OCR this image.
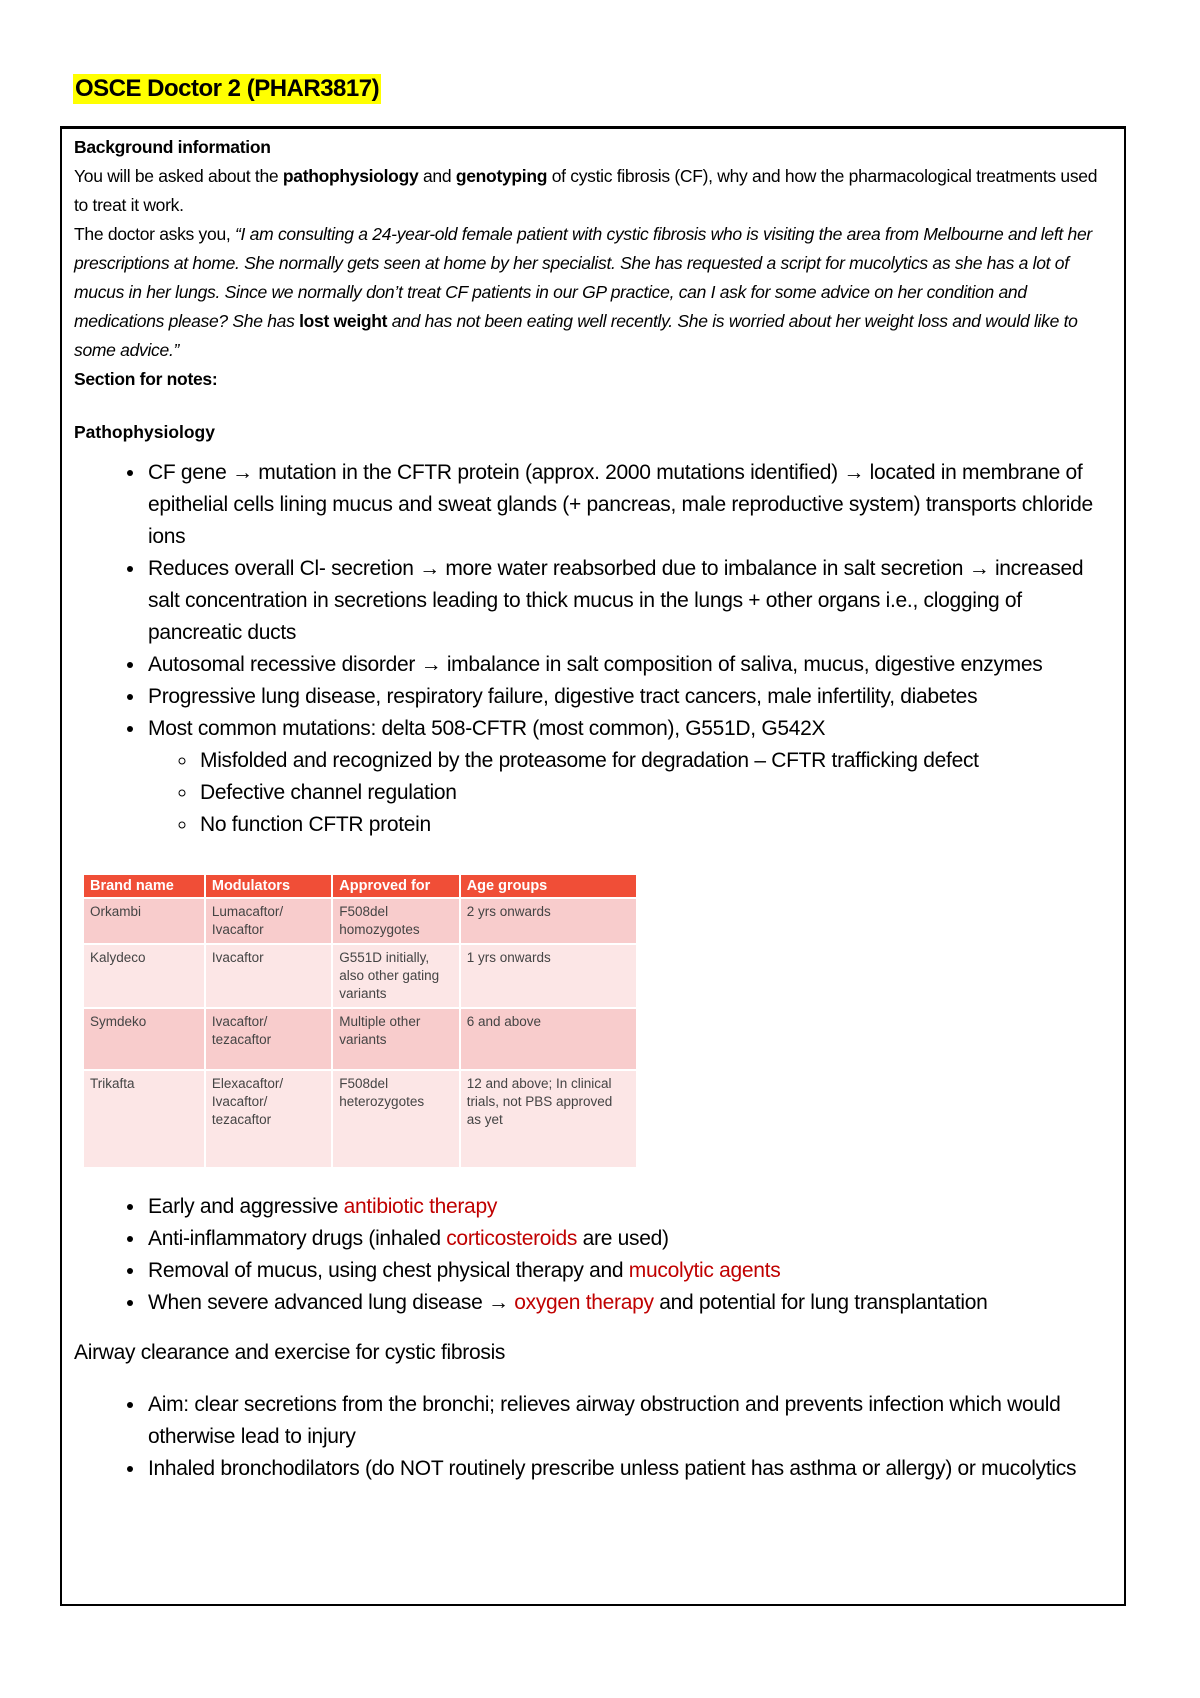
OSCE Doctor 2 (PHAR3817)
Background information
You will be asked about the pathophysiology and genotyping of cystic fibrosis (CF), why and how the pharmacological treatments used to treat it work.
The doctor asks you, “I am consulting a 24-year-old female patient with cystic fibrosis who is visiting the area from Melbourne and left her prescriptions at home. She normally gets seen at home by her specialist. She has requested a script for mucolytics as she has a lot of mucus in her lungs. Since we normally don’t treat CF patients in our GP practice, can I ask for some advice on her condition and medications please? She has lost weight and has not been eating well recently. She is worried about her weight loss and would like to some advice.”
Section for notes:
Pathophysiology
• CF gene → mutation in the CFTR protein (approx. 2000 mutations identified) → located in membrane of epithelial cells lining mucus and sweat glands (+ pancreas, male reproductive system) transports chloride ions
• Reduces overall Cl- secretion → more water reabsorbed due to imbalance in salt secretion → increased salt concentration in secretions leading to thick mucus in the lungs + other organs i.e., clogging of pancreatic ducts
• Autosomal recessive disorder → imbalance in salt composition of saliva, mucus, digestive enzymes
• Progressive lung disease, respiratory failure, digestive tract cancers, male infertility, diabetes
• Most common mutations: delta 508-CFTR (most common), G551D, G542X
◦ Misfolded and recognized by the proteasome for degradation – CFTR trafficking defect
◦ Defective channel regulation
◦ No function CFTR protein
Brand name	Modulators	Approved for	Age groups
Orkambi	Lumacaftor/ Ivacaftor	F508del homozygotes	2 yrs onwards
Kalydeco	Ivacaftor	G551D initially, also other gating variants	1 yrs onwards
Symdeko	Ivacaftor/ tezacaftor	Multiple other variants	6 and above
Trikafta	Elexacaftor/ Ivacaftor/ tezacaftor	F508del heterozygotes	12 and above; In clinical trials, not PBS approved as yet
• Early and aggressive antibiotic therapy
• Anti-inflammatory drugs (inhaled corticosteroids are used)
• Removal of mucus, using chest physical therapy and mucolytic agents
• When severe advanced lung disease → oxygen therapy and potential for lung transplantation
Airway clearance and exercise for cystic fibrosis
• Aim: clear secretions from the bronchi; relieves airway obstruction and prevents infection which would otherwise lead to injury
• Inhaled bronchodilators (do NOT routinely prescribe unless patient has asthma or allergy) or mucolytics
